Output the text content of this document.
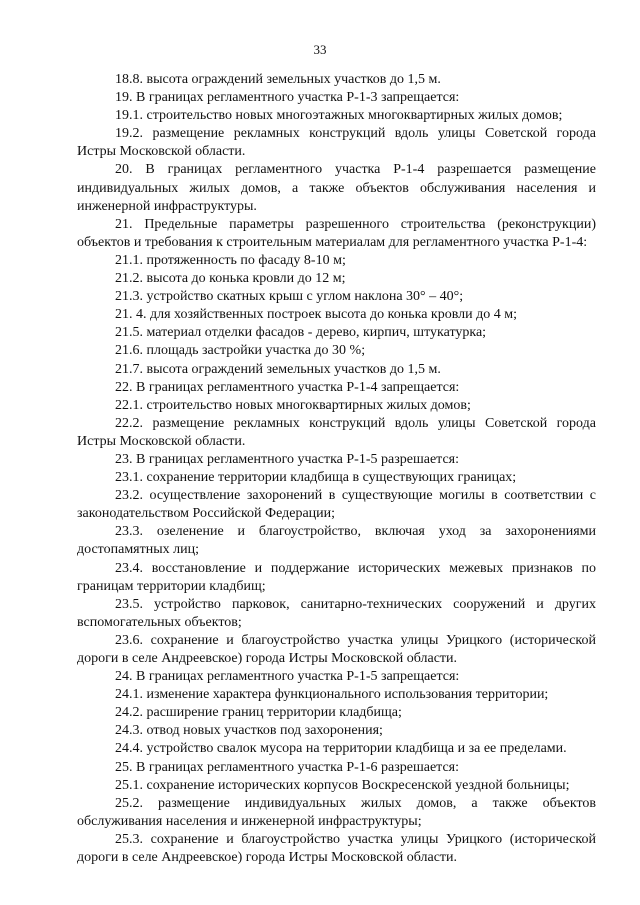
33

18.8. высота ограждений земельных участков до 1,5 м.

19. В границах регламентного участка Р-1-3 запрещается:

19.1. строительство новых многоэтажных многоквартирных жилых домов;

19.2. размещение рекламных конструкций вдоль улицы Советской города Истры Московской области.

20. В границах регламентного участка Р-1-4 разрешается размещение индивидуальных жилых домов, а также объектов обслуживания населения и инженерной инфраструктуры.

21. Предельные параметры разрешенного строительства (реконструкции) объектов и требования к строительным материалам для регламентного участка Р-1-4:

21.1. протяженность по фасаду 8-10 м;

21.2. высота до конька кровли до 12 м;

21.3. устройство скатных крыш с углом наклона 30° – 40°;

21. 4. для хозяйственных построек высота до конька кровли до 4 м;

21.5. материал отделки фасадов - дерево, кирпич, штукатурка;

21.6. площадь застройки участка до 30 %;

21.7. высота ограждений земельных участков до 1,5 м.

22. В границах регламентного участка Р-1-4 запрещается:

22.1. строительство новых многоквартирных жилых домов;

22.2. размещение рекламных конструкций вдоль улицы Советской города Истры Московской области.

23. В границах регламентного участка Р-1-5 разрешается:

23.1. сохранение территории кладбища в существующих границах;

23.2. осуществление захоронений в существующие могилы в соответствии с законодательством Российской Федерации;

23.3. озеленение и благоустройство, включая уход за захоронениями достопамятных лиц;

23.4. восстановление и поддержание исторических межевых признаков по границам территории кладбищ;

23.5. устройство парковок, санитарно-технических сооружений и других вспомогательных объектов;

23.6. сохранение и благоустройство участка улицы Урицкого (исторической дороги в селе Андреевское) города Истры Московской области.

24. В границах регламентного участка Р-1-5 запрещается:

24.1. изменение характера функционального использования территории;

24.2. расширение границ территории кладбища;

24.3. отвод новых участков под захоронения;

24.4. устройство свалок мусора на территории кладбища и за ее пределами.

25. В границах регламентного участка Р-1-6 разрешается:

25.1. сохранение исторических корпусов Воскресенской уездной больницы;

25.2. размещение индивидуальных жилых домов, а также объектов обслуживания населения и инженерной инфраструктуры;

25.3. сохранение и благоустройство участка улицы Урицкого (исторической дороги в селе Андреевское) города Истры Московской области.
